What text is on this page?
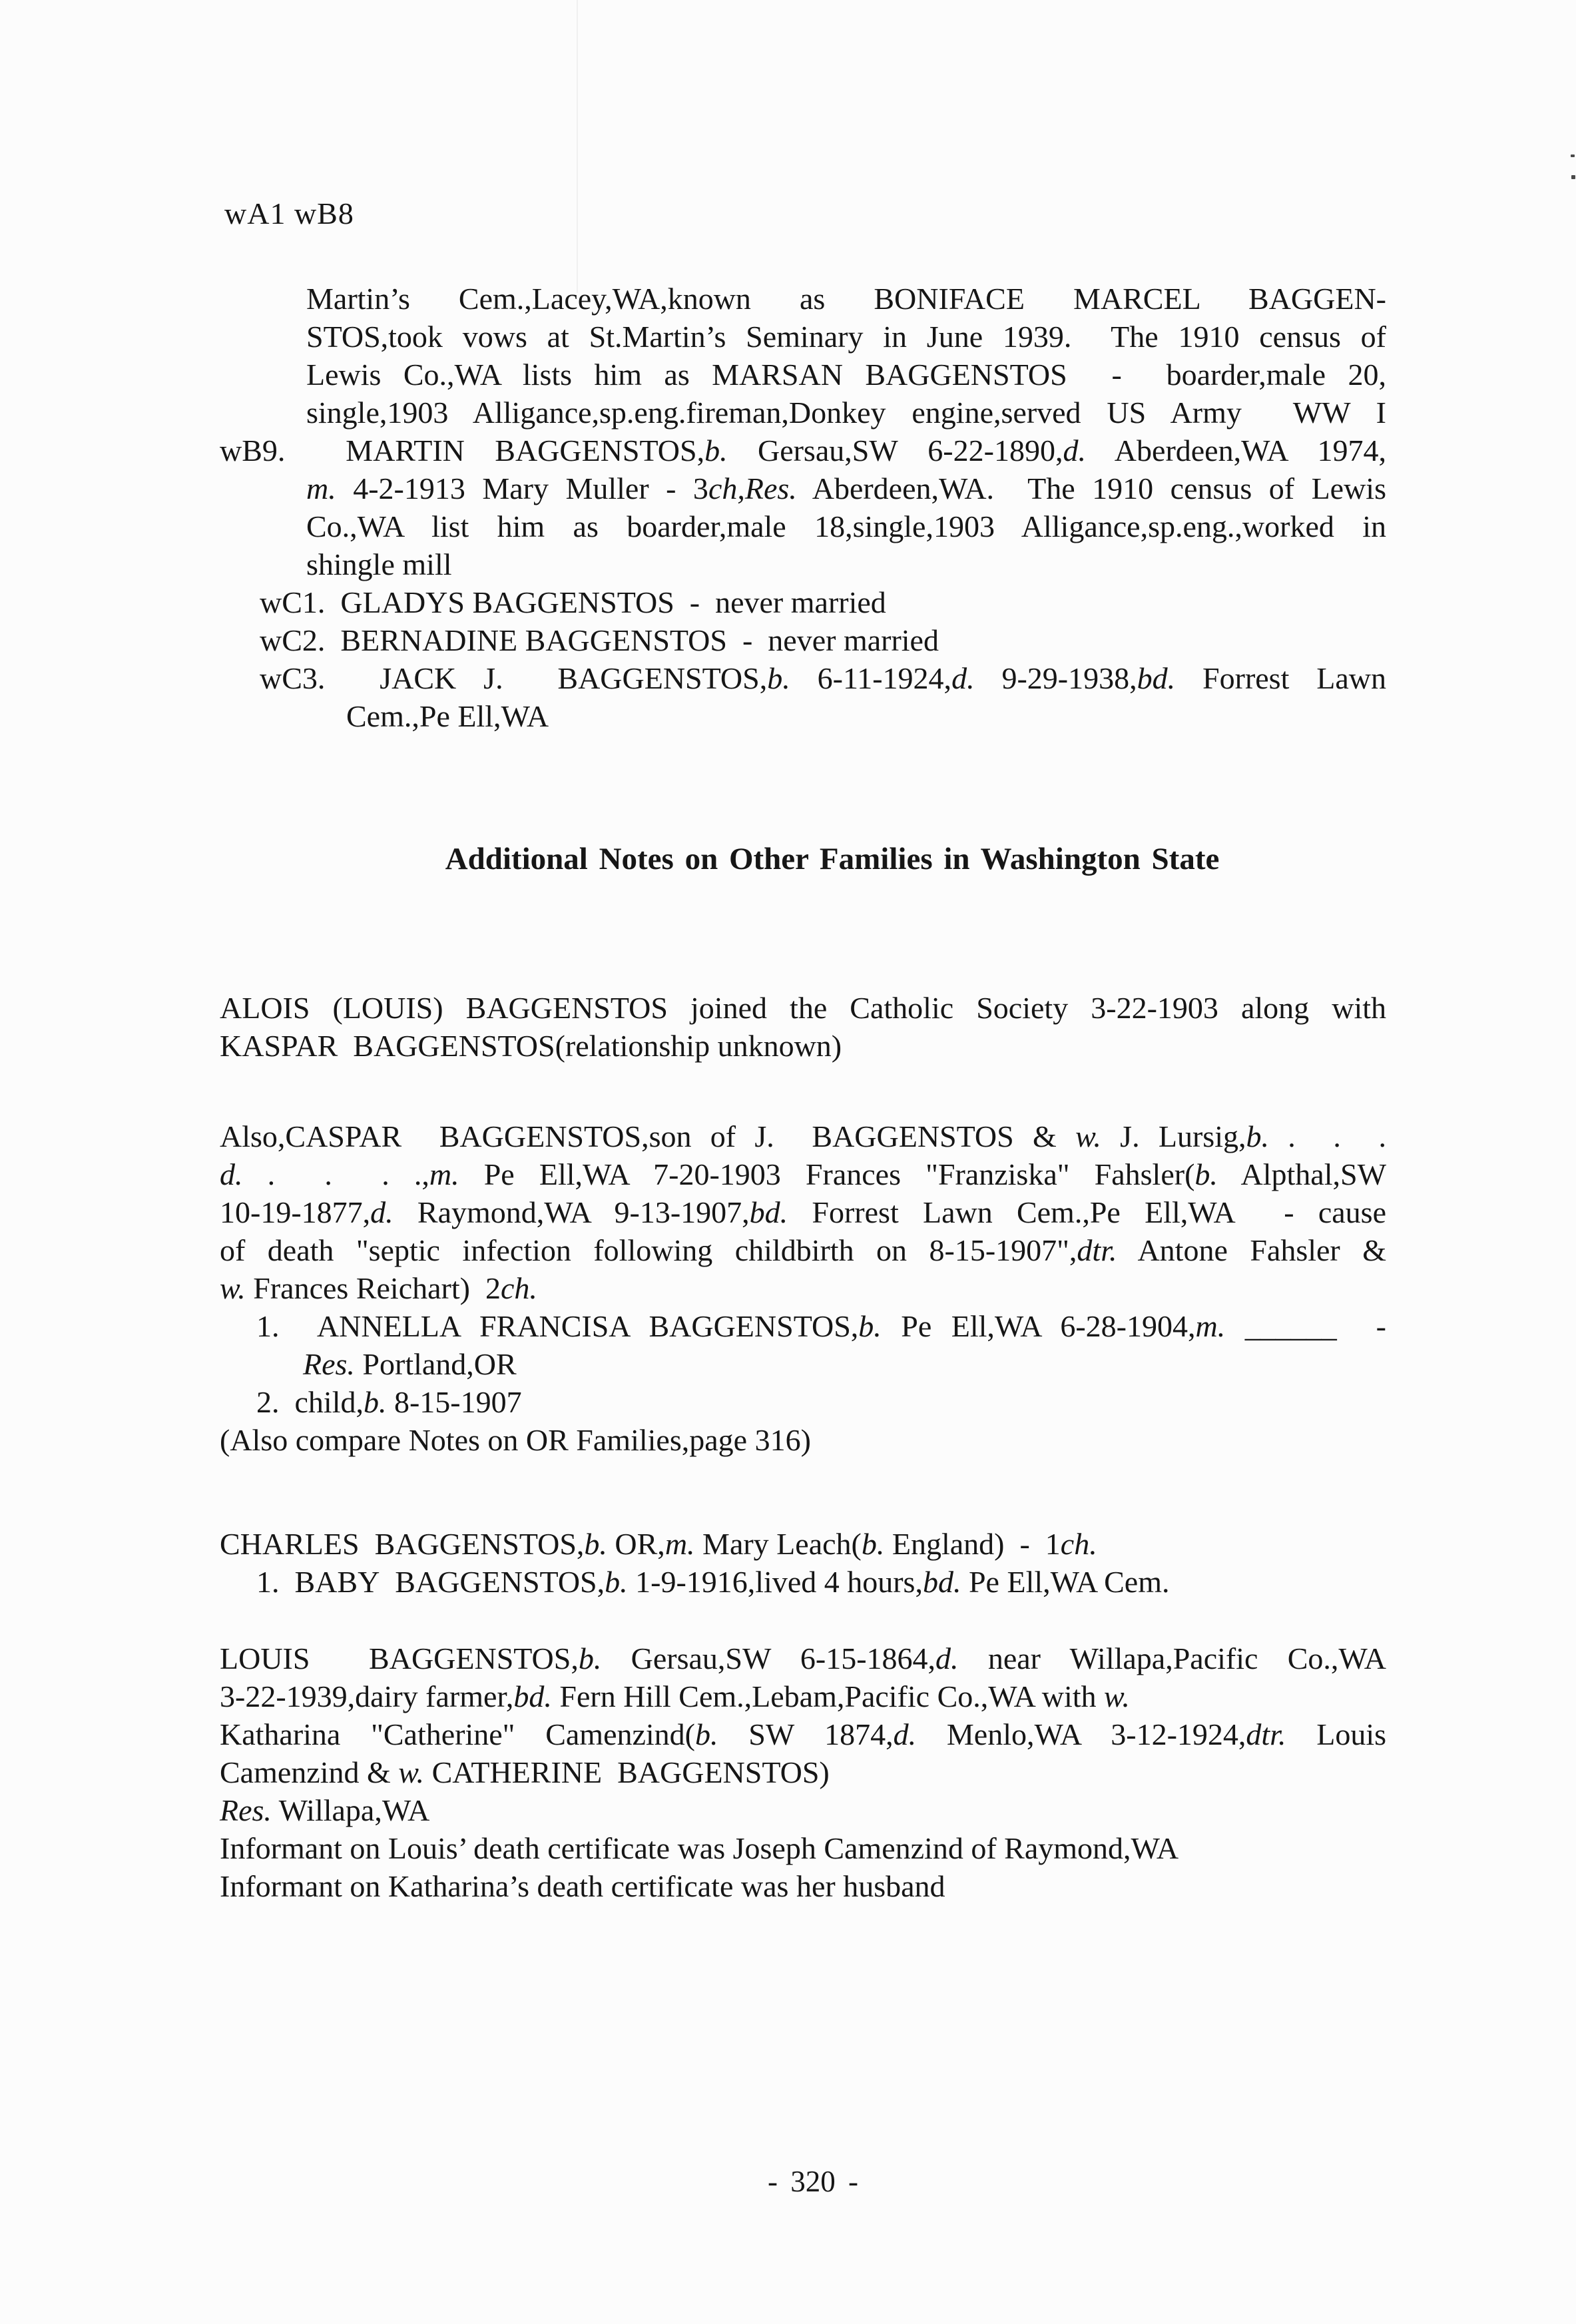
wA1 wB8
Martin’s Cem.,Lacey,WA,known as BONIFACE MARCEL BAGGEN-
STOS,took vows at St.Martin’s Seminary in June 1939.  The 1910 census of
Lewis Co.,WA lists him as MARSAN BAGGENSTOS  -  boarder,male 20,
single,1903 Alligance,sp.eng.fireman,Donkey engine,served US Army  WW I
wB9.  MARTIN BAGGENSTOS,b. Gersau,SW 6-22-1890,d. Aberdeen,WA 1974,
m. 4-2-1913 Mary Muller - 3ch,Res. Aberdeen,WA.  The 1910 census of Lewis
Co.,WA list him as boarder,male 18,single,1903 Alligance,sp.eng.,worked in
shingle mill
wC1.  GLADYS BAGGENSTOS  -  never married
wC2.  BERNADINE BAGGENSTOS  -  never married
wC3.  JACK J.  BAGGENSTOS,b. 6-11-1924,d. 9-29-1938,bd. Forrest Lawn
Cem.,Pe Ell,WA
ALOIS (LOUIS) BAGGENSTOS joined the Catholic Society 3-22-1903 along with
KASPAR  BAGGENSTOS(relationship unknown)
Also,CASPAR  BAGGENSTOS,son of J.  BAGGENSTOS & w. J. Lursig,b. .  .  .
d. .  .  . .,m. Pe Ell,WA 7-20-1903 Frances "Franziska" Fahsler(b. Alpthal,SW
10-19-1877,d. Raymond,WA 9-13-1907,bd. Forrest Lawn Cem.,Pe Ell,WA  - cause
of death "septic infection following childbirth on 8-15-1907",dtr. Antone Fahsler &
w. Frances Reichart)  2ch.
1.  ANNELLA FRANCISA BAGGENSTOS,b. Pe Ell,WA 6-28-1904,m. ______  -
Res. Portland,OR
2.  child,b. 8-15-1907
(Also compare Notes on OR Families,page 316)
CHARLES  BAGGENSTOS,b. OR,m. Mary Leach(b. England)  -  1ch.
1.  BABY  BAGGENSTOS,b. 1-9-1916,lived 4 hours,bd. Pe Ell,WA Cem.
LOUIS  BAGGENSTOS,b. Gersau,SW 6-15-1864,d. near Willapa,Pacific Co.,WA
3-22-1939,dairy farmer,bd. Fern Hill Cem.,Lebam,Pacific Co.,WA with w.
Katharina "Catherine" Camenzind(b. SW 1874,d. Menlo,WA 3-12-1924,dtr. Louis
Camenzind & w. CATHERINE  BAGGENSTOS)
Res. Willapa,WA
Informant on Louis’ death certificate was Joseph Camenzind of Raymond,WA
Informant on Katharina’s death certificate was her husband
Additional Notes on Other Families in Washington State
- 320 -
